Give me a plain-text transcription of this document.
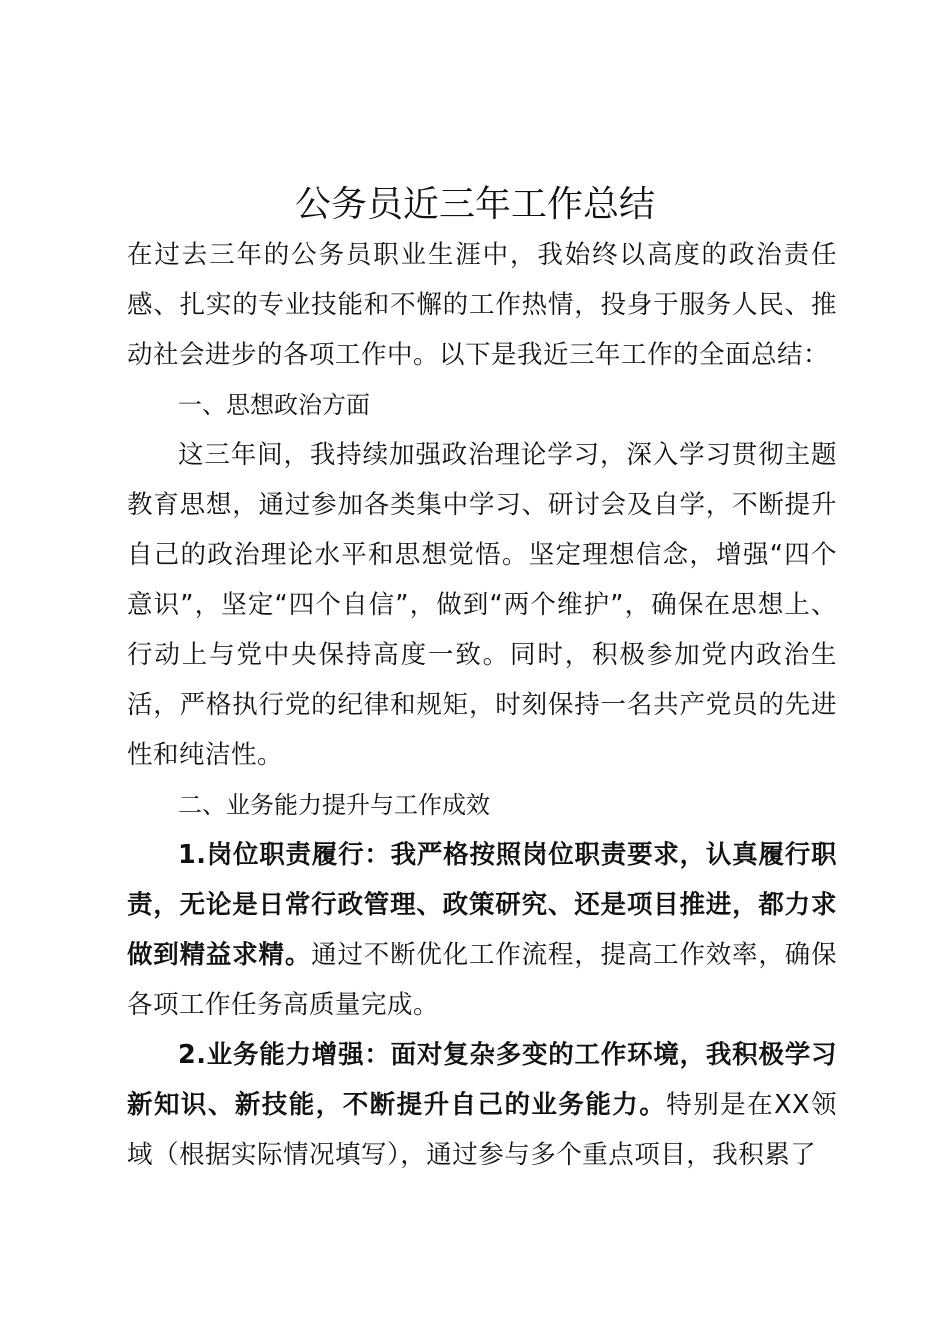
公务员近三年工作总结

在过去三年的公务员职业生涯中，我始终以高度的政治责任感、扎实的专业技能和不懈的工作热情，投身于服务人民、推动社会进步的各项工作中。以下是我近三年工作的全面总结：

一、思想政治方面

这三年间，我持续加强政治理论学习，深入学习贯彻主题教育思想，通过参加各类集中学习、研讨会及自学，不断提升自己的政治理论水平和思想觉悟。坚定理想信念，增强“四个意识”，坚定“四个自信”，做到“两个维护”，确保在思想上、行动上与党中央保持高度一致。同时，积极参加党内政治生活，严格执行党的纪律和规矩，时刻保持一名共产党员的先进性和纯洁性。

二、业务能力提升与工作成效

1.岗位职责履行：我严格按照岗位职责要求，认真履行职责，无论是日常行政管理、政策研究、还是项目推进，都力求做到精益求精。通过不断优化工作流程，提高工作效率，确保各项工作任务高质量完成。

2.业务能力增强：面对复杂多变的工作环境，我积极学习新知识、新技能，不断提升自己的业务能力。特别是在XX领域（根据实际情况填写），通过参与多个重点项目，我积累了
